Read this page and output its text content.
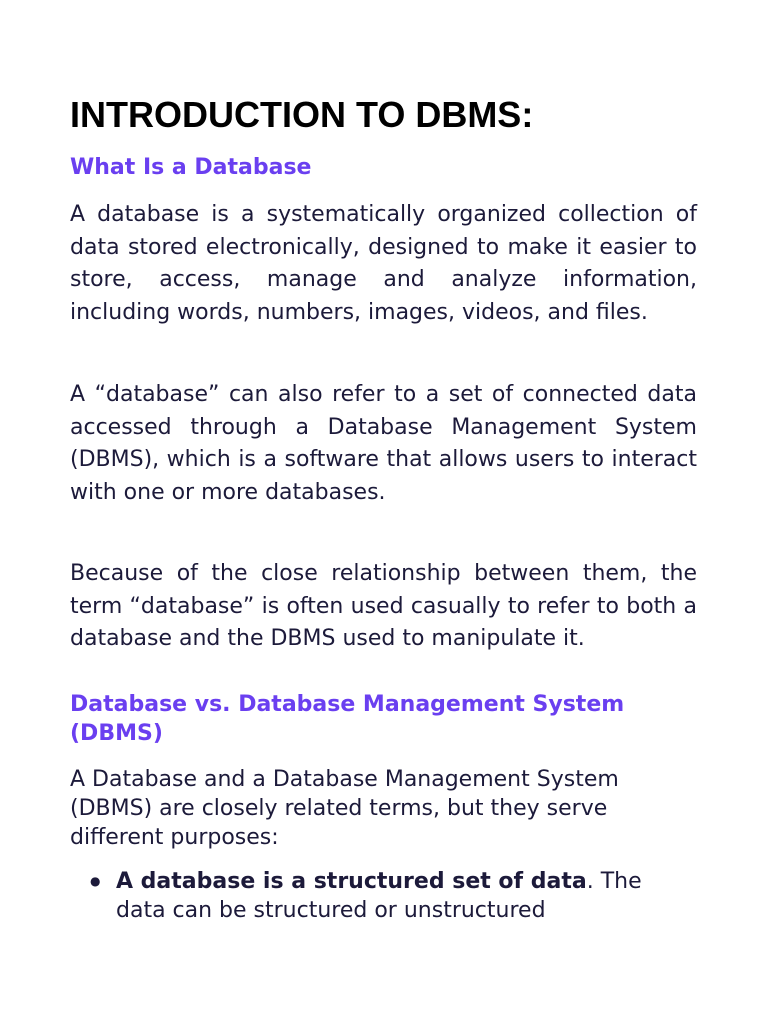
INTRODUCTION TO DBMS:
What Is a Database

A database is a systematically organized collection of data stored electronically, designed to make it easier to store, access, manage and analyze information, including words, numbers, images, videos, and files.

A “database” can also refer to a set of connected data accessed through a Database Management System (DBMS), which is a software that allows users to interact with one or more databases.

Because of the close relationship between them, the term “database” is often used casually to refer to both a database and the DBMS used to manipulate it.

Database vs. Database Management System (DBMS)

A Database and a Database Management System (DBMS) are closely related terms, but they serve different purposes:

● A database is a structured set of data. The data can be structured or unstructured
